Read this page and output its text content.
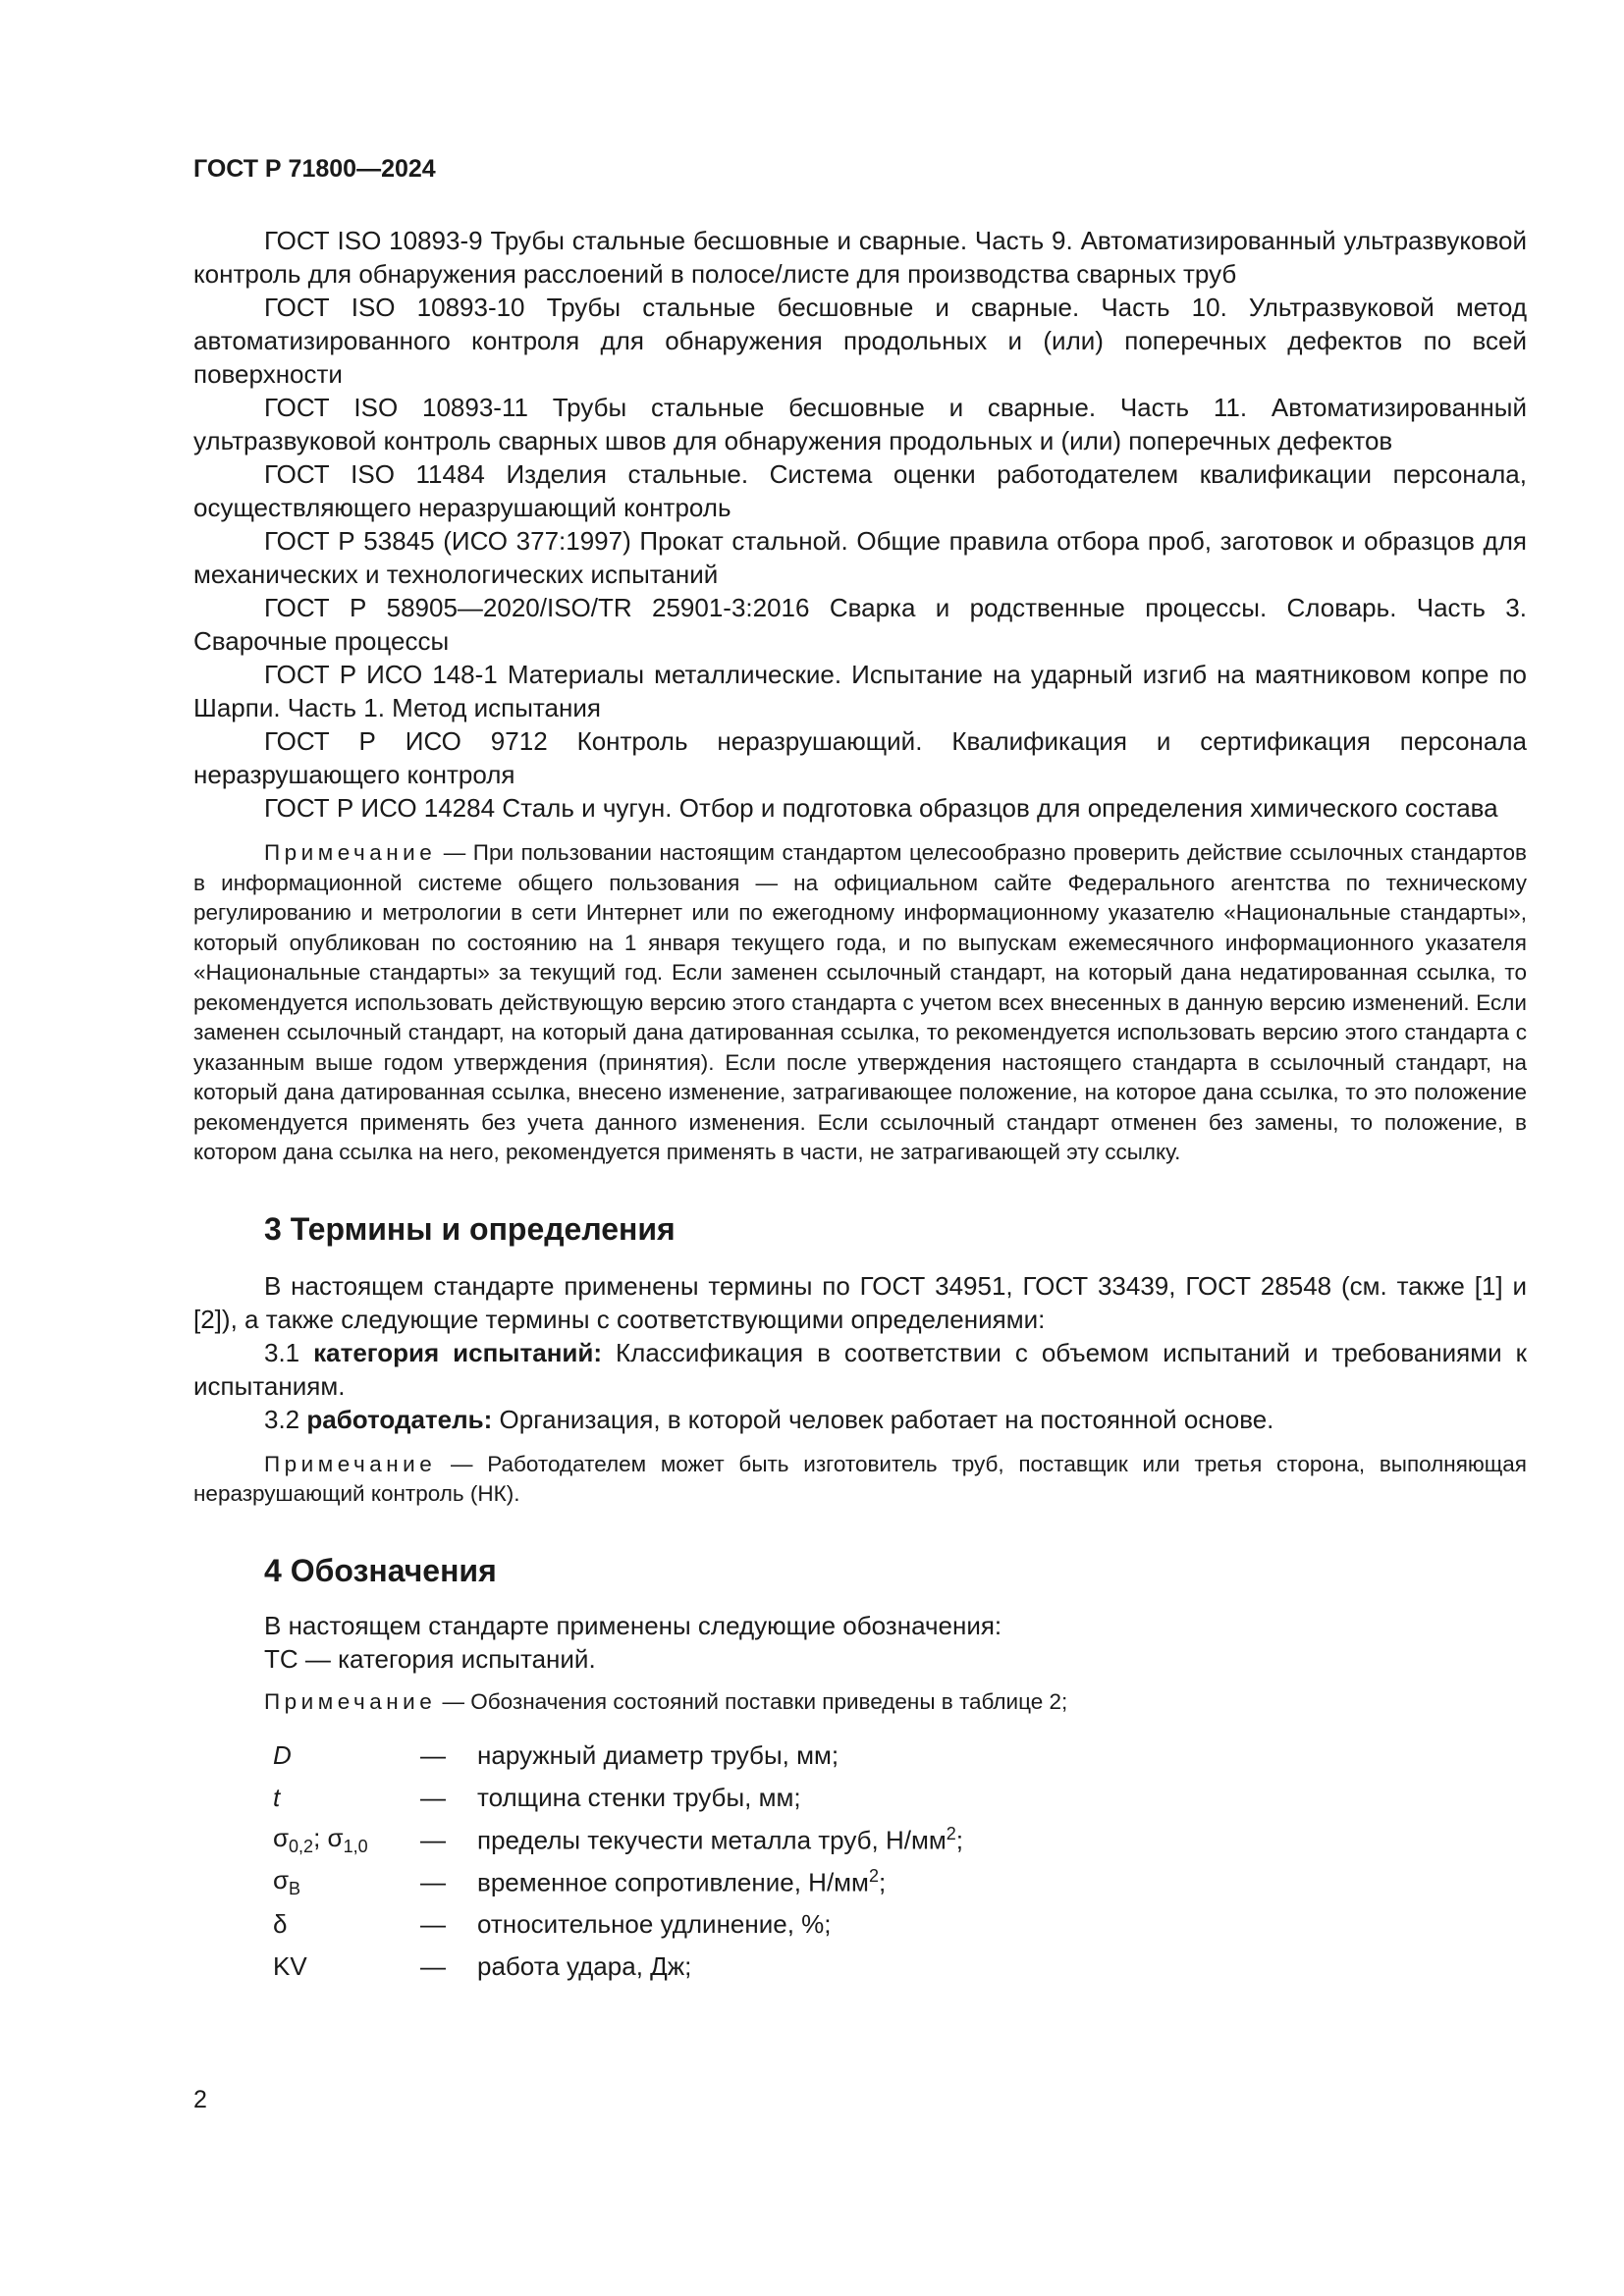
ГОСТ Р 71800—2024

ГОСТ ISO 10893-9 Трубы стальные бесшовные и сварные. Часть 9. Автоматизированный ультразвуковой контроль для обнаружения расслоений в полосе/листе для производства сварных труб

ГОСТ ISO 10893-10 Трубы стальные бесшовные и сварные. Часть 10. Ультразвуковой метод автоматизированного контроля для обнаружения продольных и (или) поперечных дефектов по всей поверхности

ГОСТ ISO 10893-11 Трубы стальные бесшовные и сварные. Часть 11. Автоматизированный ультразвуковой контроль сварных швов для обнаружения продольных и (или) поперечных дефектов

ГОСТ ISO 11484 Изделия стальные. Система оценки работодателем квалификации персонала, осуществляющего неразрушающий контроль

ГОСТ Р 53845 (ИСО 377:1997) Прокат стальной. Общие правила отбора проб, заготовок и образцов для механических и технологических испытаний

ГОСТ Р 58905—2020/ISO/TR 25901-3:2016 Сварка и родственные процессы. Словарь. Часть 3. Сварочные процессы

ГОСТ Р ИСО 148-1 Материалы металлические. Испытание на ударный изгиб на маятниковом копре по Шарпи. Часть 1. Метод испытания

ГОСТ Р ИСО 9712 Контроль неразрушающий. Квалификация и сертификация персонала неразрушающего контроля

ГОСТ Р ИСО 14284 Сталь и чугун. Отбор и подготовка образцов для определения химического состава

Примечание — При пользовании настоящим стандартом целесообразно проверить действие ссылочных стандартов в информационной системе общего пользования — на официальном сайте Федерального агентства по техническому регулированию и метрологии в сети Интернет или по ежегодному информационному указателю «Национальные стандарты», который опубликован по состоянию на 1 января текущего года, и по выпускам ежемесячного информационного указателя «Национальные стандарты» за текущий год. Если заменен ссылочный стандарт, на который дана недатированная ссылка, то рекомендуется использовать действующую версию этого стандарта с учетом всех внесенных в данную версию изменений. Если заменен ссылочный стандарт, на который дана датированная ссылка, то рекомендуется использовать версию этого стандарта с указанным выше годом утверждения (принятия). Если после утверждения настоящего стандарта в ссылочный стандарт, на который дана датированная ссылка, внесено изменение, затрагивающее положение, на которое дана ссылка, то это положение рекомендуется применять без учета данного изменения. Если ссылочный стандарт отменен без замены, то положение, в котором дана ссылка на него, рекомендуется применять в части, не затрагивающей эту ссылку.

3 Термины и определения

В настоящем стандарте применены термины по ГОСТ 34951, ГОСТ 33439, ГОСТ 28548 (см. также [1] и [2]), а также следующие термины с соответствующими определениями:

3.1 категория испытаний: Классификация в соответствии с объемом испытаний и требованиями к испытаниям.

3.2 работодатель: Организация, в которой человек работает на постоянной основе.

Примечание — Работодателем может быть изготовитель труб, поставщик или третья сторона, выполняющая неразрушающий контроль (НК).

4 Обозначения

В настоящем стандарте применены следующие обозначения:

ТС — категория испытаний.

Примечание — Обозначения состояний поставки приведены в таблице 2;

D	—	наружный диаметр трубы, мм;
t	—	толщина стенки трубы, мм;
$\sigma_{0,2}$; $\sigma_{1,0}$	—	пределы текучести металла труб, $Н/мм^2$;
$\sigma_В$	—	временное сопротивление, $Н/мм^2$;
δ	—	относительное удлинение, %;
KV	—	работа удара, Дж;
2
